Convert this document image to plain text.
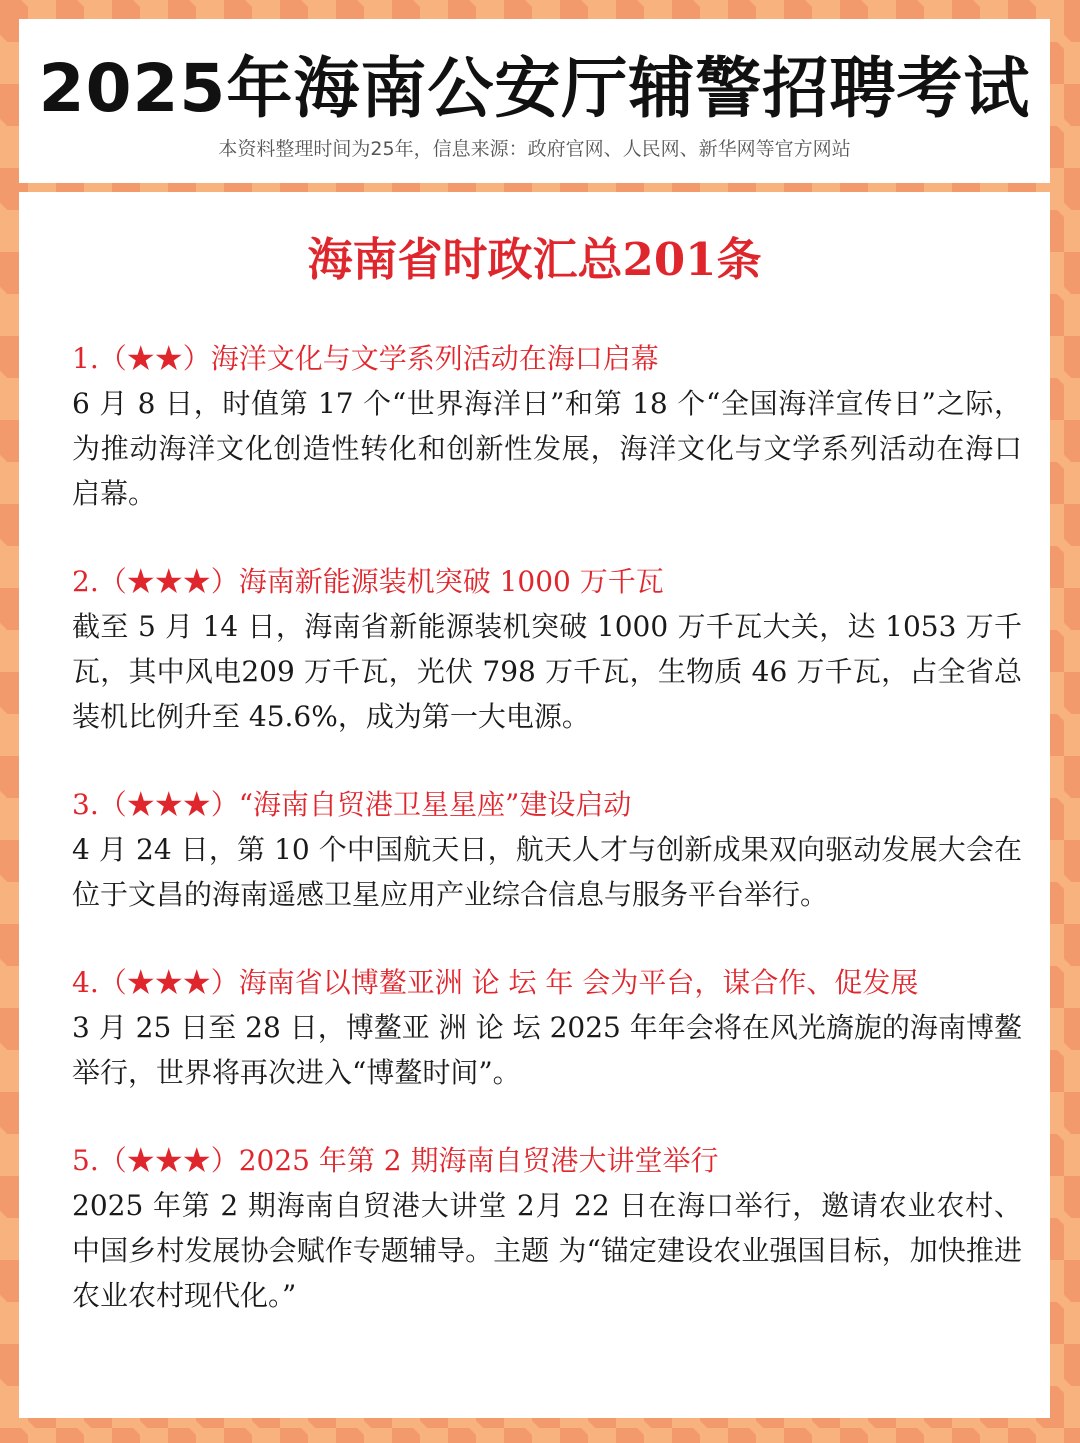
2025年海南公安厅辅警招聘考试
本资料整理时间为25年，信息来源：政府官网、人民网、新华网等官方网站
海南省时政汇总201条
1.（★★）海洋文化与文学系列活动在海口启幕
6 月 8 日，时值第 17 个“世界海洋日”和第 18 个“全国海洋宣传日”之际，为推动海洋文化创造性转化和创新性发展，海洋文化与文学系列活动在海口启幕。
2.（★★★）海南新能源装机突破 1000 万千瓦
截至 5 月 14 日，海南省新能源装机突破 1000 万千瓦大关，达 1053 万千瓦，其中风电209 万千瓦，光伏 798 万千瓦，生物质 46 万千瓦，占全省总装机比例升至 45.6%，成为第一大电源。
3.（★★★）“海南自贸港卫星星座”建设启动
4 月 24 日，第 10 个中国航天日，航天人才与创新成果双向驱动发展大会在位于文昌的海南遥感卫星应用产业综合信息与服务平台举行。
4.（★★★）海南省以博鳌亚洲 论 坛 年 会为平台，谋合作、促发展
3 月 25 日至 28 日，博鳌亚 洲 论 坛 2025 年年会将在风光旖旎的海南博鳌举行，世界将再次进入“博鳌时间”。
5.（★★★）2025 年第 2 期海南自贸港大讲堂举行
2025 年第 2 期海南自贸港大讲堂 2月 22 日在海口举行，邀请农业农村、中国乡村发展协会赋作专题辅导。主题 为“锚定建设农业强国目标，加快推进农业农村现代化。”
